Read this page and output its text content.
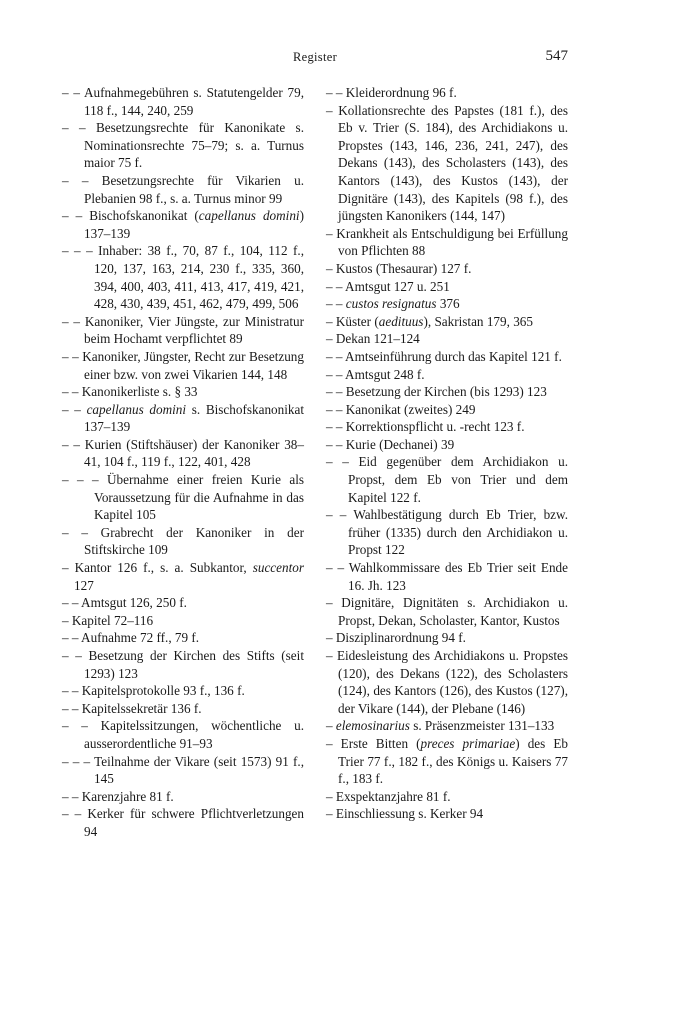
Register	547

– – Aufnahmegebühren s. Statutengelder 79, 118 f., 144, 240, 259

– – Besetzungsrechte für Kanonikate s. Nominationsrechte 75–79; s. a. Turnus maior 75 f.

– – Besetzungsrechte für Vikarien u. Plebanien 98 f., s. a. Turnus minor 99

– – Bischofskanonikat (capellanus domini) 137–139

– – – Inhaber: 38 f., 70, 87 f., 104, 112 f., 120, 137, 163, 214, 230 f., 335, 360, 394, 400, 403, 411, 413, 417, 419, 421, 428, 430, 439, 451, 462, 479, 499, 506

– – Kanoniker, Vier Jüngste, zur Ministratur beim Hochamt verpflichtet 89

– – Kanoniker, Jüngster, Recht zur Besetzung einer bzw. von zwei Vikarien 144, 148

– – Kanonikerliste s. § 33

– – capellanus domini s. Bischofskanonikat 137–139

– – Kurien (Stiftshäuser) der Kanoniker 38–41, 104 f., 119 f., 122, 401, 428

– – – Übernahme einer freien Kurie als Voraussetzung für die Aufnahme in das Kapitel 105

– – Grabrecht der Kanoniker in der Stiftskirche 109

– Kantor 126 f., s. a. Subkantor, succentor 127

– – Amtsgut 126, 250 f.

– Kapitel 72–116

– – Aufnahme 72 ff., 79 f.

– – Besetzung der Kirchen des Stifts (seit 1293) 123

– – Kapitelsprotokolle 93 f., 136 f.

– – Kapitelssekretär 136 f.

– – Kapitelssitzungen, wöchentliche u. ausserordentliche 91–93

– – – Teilnahme der Vikare (seit 1573) 91 f., 145

– – Karenzjahre 81 f.

– – Kerker für schwere Pflichtverletzungen 94

– – Kleiderordnung 96 f.

– Kollationsrechte des Papstes (181 f.), des Eb v. Trier (S. 184), des Archidiakons u. Propstes (143, 146, 236, 241, 247), des Dekans (143), des Scholasters (143), des Kantors (143), des Kustos (143), der Dignitäre (143), des Kapitels (98 f.), des jüngsten Kanonikers (144, 147)

– Krankheit als Entschuldigung bei Erfüllung von Pflichten 88

– Kustos (Thesaurar) 127 f.

– – Amtsgut 127 u. 251

– – custos resignatus 376

– Küster (aedituus), Sakristan 179, 365

– Dekan 121–124

– – Amtseinführung durch das Kapitel 121 f.

– – Amtsgut 248 f.

– – Besetzung der Kirchen (bis 1293) 123

– – Kanonikat (zweites) 249

– – Korrektionspflicht u. -recht 123 f.

– – Kurie (Dechanei) 39

– – Eid gegenüber dem Archidiakon u. Propst, dem Eb von Trier und dem Kapitel 122 f.

– – Wahlbestätigung durch Eb Trier, bzw. früher (1335) durch den Archidiakon u. Propst 122

– – Wahlkommissare des Eb Trier seit Ende 16. Jh. 123

– Dignitäre, Dignitäten s. Archidiakon u. Propst, Dekan, Scholaster, Kantor, Kustos

– Disziplinarordnung 94 f.

– Eidesleistung des Archidiakons u. Propstes (120), des Dekans (122), des Scholasters (124), des Kantors (126), des Kustos (127), der Vikare (144), der Plebane (146)

– elemosinarius s. Präsenzmeister 131–133

– Erste Bitten (preces primariae) des Eb Trier 77 f., 182 f., des Königs u. Kaisers 77 f., 183 f.

– Exspektanzjahre 81 f.

– Einschliessung s. Kerker 94
